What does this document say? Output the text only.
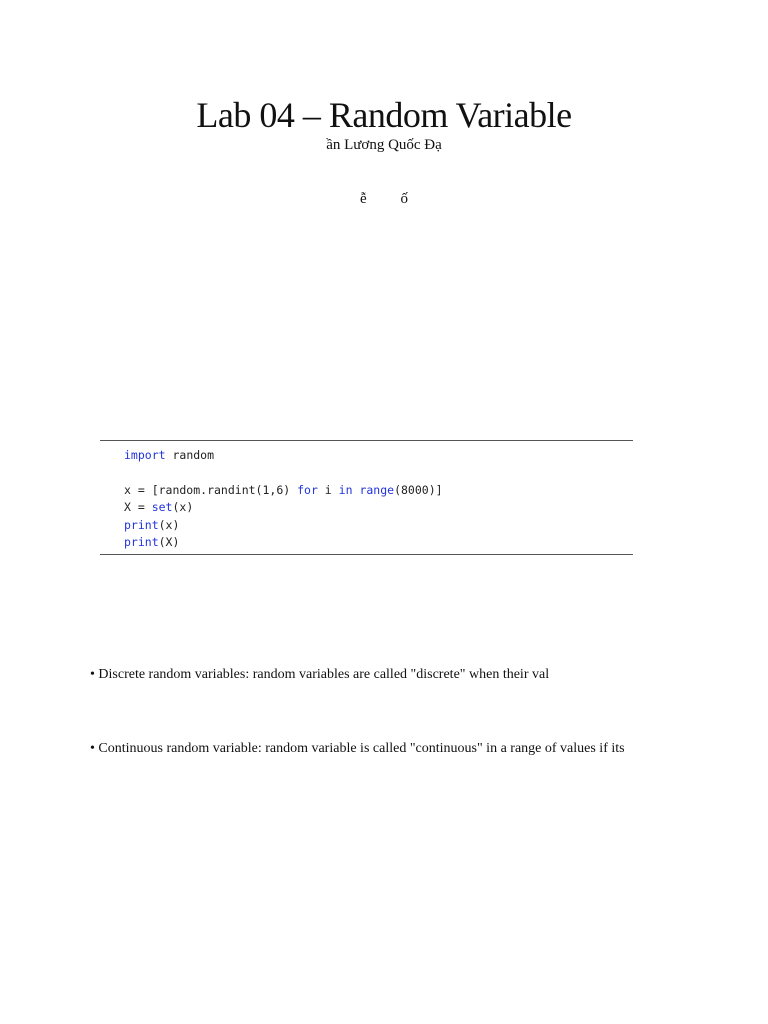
Lab 04 – Random Variable
ần Lương Quốc Đạ
ễ ố
import random
x = [random.randint(1,6) for i in range(8000)]
X = set(x)
print(x)
print(X)
• Discrete random variables: random variables are called "discrete" when their val
• Continuous random variable: random variable is called "continuous" in a range of values if its
